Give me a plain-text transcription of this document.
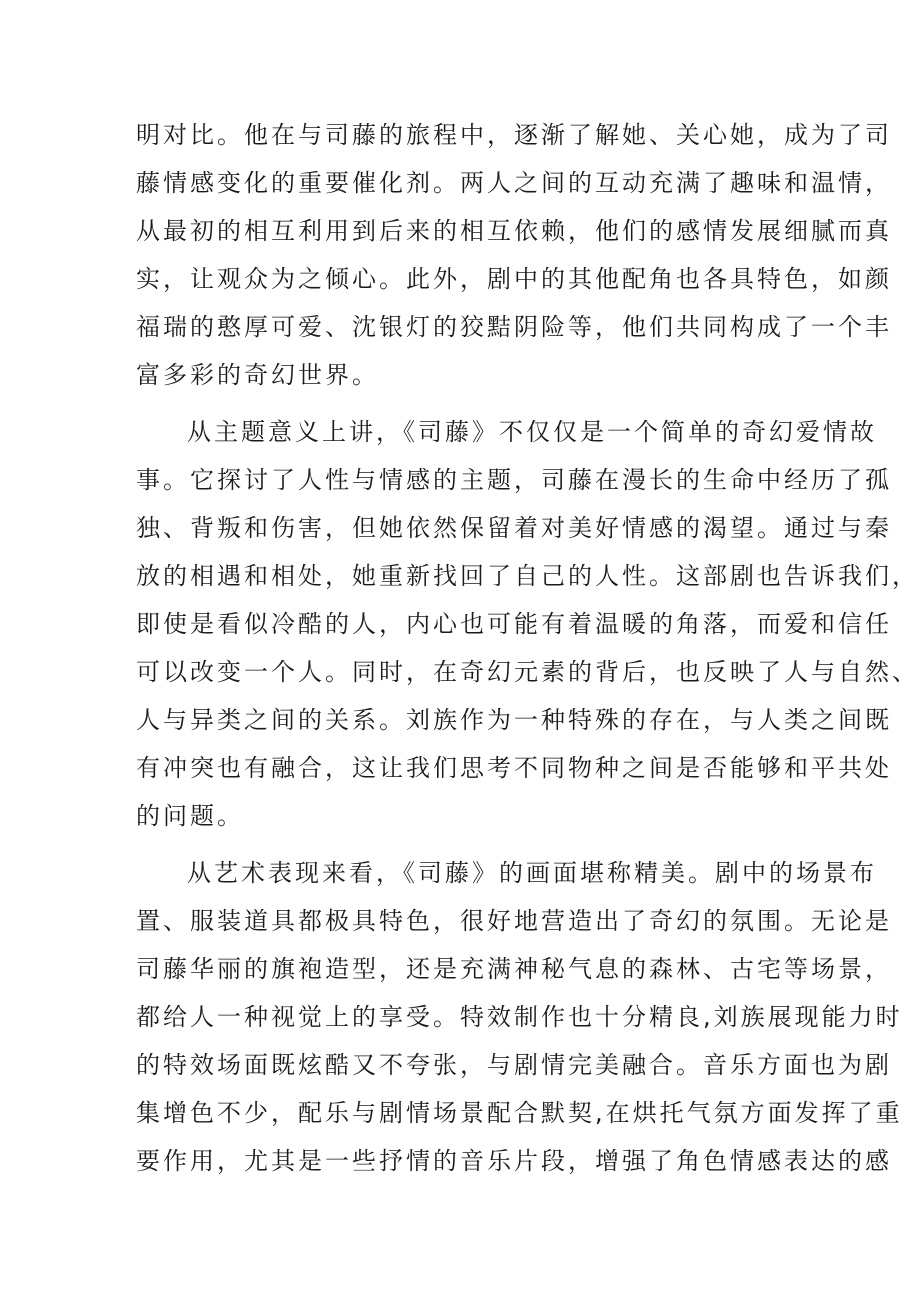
明对比。他在与司藤的旅程中，逐渐了解她、关心她，成为了司
藤情感变化的重要催化剂。两人之间的互动充满了趣味和温情，
从最初的相互利用到后来的相互依赖，他们的感情发展细腻而真
实，让观众为之倾心。此外，剧中的其他配角也各具特色，如颜
福瑞的憨厚可爱、沈银灯的狡黠阴险等，他们共同构成了一个丰
富多彩的奇幻世界。
从主题意义上讲，《司藤》不仅仅是一个简单的奇幻爱情故
事。它探讨了人性与情感的主题，司藤在漫长的生命中经历了孤
独、背叛和伤害，但她依然保留着对美好情感的渴望。通过与秦
放的相遇和相处，她重新找回了自己的人性。这部剧也告诉我们，
即使是看似冷酷的人，内心也可能有着温暖的角落，而爱和信任
可以改变一个人。同时，在奇幻元素的背后，也反映了人与自然、
人与异类之间的关系。刘族作为一种特殊的存在，与人类之间既
有冲突也有融合，这让我们思考不同物种之间是否能够和平共处
的问题。
从艺术表现来看，《司藤》的画面堪称精美。剧中的场景布
置、服装道具都极具特色，很好地营造出了奇幻的氛围。无论是
司藤华丽的旗袍造型，还是充满神秘气息的森林、古宅等场景，
都给人一种视觉上的享受。特效制作也十分精良,刘族展现能力时
的特效场面既炫酷又不夸张，与剧情完美融合。音乐方面也为剧
集增色不少，配乐与剧情场景配合默契,在烘托气氛方面发挥了重
要作用，尤其是一些抒情的音乐片段，增强了角色情感表达的感
